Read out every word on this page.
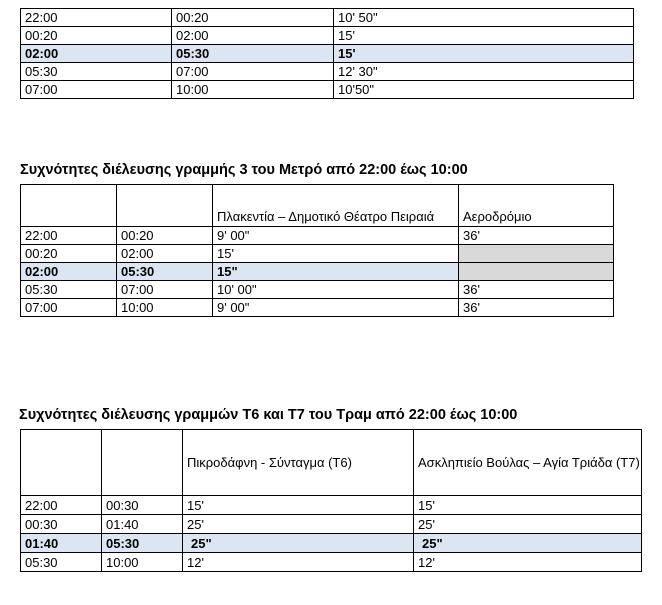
22:00	00:20	10' 50"
00:20	02:00	15'
02:00	05:30	15'
05:30	07:00	12' 30"
07:00	10:00	10'50"
Συχνότητες διέλευσης γραμμής 3 του Μετρό από 22:00 έως 10:00
		Πλακεντία – Δημοτικό Θέατρο Πειραιά	Αεροδρόμιο
22:00	00:20	9' 00"	36'
00:20	02:00	15'	
02:00	05:30	15"	
05:30	07:00	10' 00"	36'
07:00	10:00	9' 00"	36'
Συχνότητες διέλευσης γραμμών Τ6 και Τ7 του Τραμ από 22:00 έως 10:00
		Πικροδάφνη - Σύνταγμα (Τ6)	Ασκληπιείο Βούλας – Αγία Τριάδα (Τ7)
22:00	00:30	15'	15'
00:30	01:40	25'	25'
01:40	05:30	25"	25"
05:30	10:00	12'	12'
